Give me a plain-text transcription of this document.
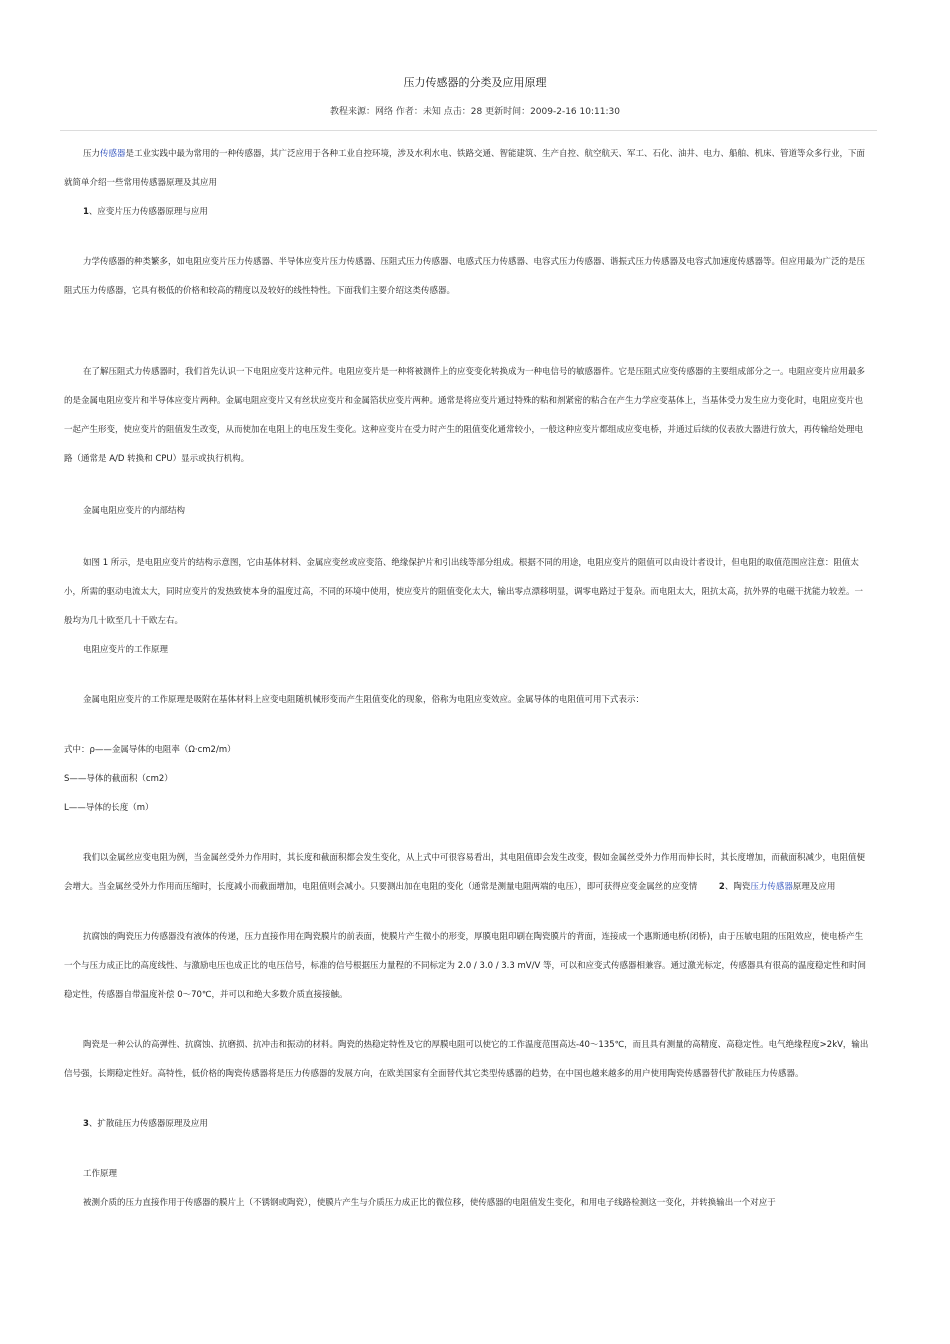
压力传感器的分类及应用原理
教程来源：网络 作者：未知 点击：28 更新时间：2009-2-16 10:11:30

压力传感器是工业实践中最为常用的一种传感器，其广泛应用于各种工业自控环境，涉及水利水电、铁路交通、智能建筑、生产自控、航空航天、军工、石化、油井、电力、船舶、机床、管道等众多行业，下面就简单介绍一些常用传感器原理及其应用

1、应变片压力传感器原理与应用

力学传感器的种类繁多，如电阻应变片压力传感器、半导体应变片压力传感器、压阻式压力传感器、电感式压力传感器、电容式压力传感器、谐振式压力传感器及电容式加速度传感器等。但应用最为广泛的是压阻式压力传感器，它具有极低的价格和较高的精度以及较好的线性特性。下面我们主要介绍这类传感器。

在了解压阻式力传感器时，我们首先认识一下电阻应变片这种元件。电阻应变片是一种将被测件上的应变变化转换成为一种电信号的敏感器件。它是压阻式应变传感器的主要组成部分之一。电阻应变片应用最多的是金属电阻应变片和半导体应变片两种。金属电阻应变片又有丝状应变片和金属箔状应变片两种。通常是将应变片通过特殊的粘和剂紧密的粘合在产生力学应变基体上，当基体受力发生应力变化时，电阻应变片也一起产生形变，使应变片的阻值发生改变，从而使加在电阻上的电压发生变化。这种应变片在受力时产生的阻值变化通常较小，一般这种应变片都组成应变电桥，并通过后续的仪表放大器进行放大，再传输给处理电路（通常是 A/D 转换和 CPU）显示或执行机构。

金属电阻应变片的内部结构

如图 1 所示，是电阻应变片的结构示意图，它由基体材料、金属应变丝或应变箔、绝缘保护片和引出线等部分组成。根据不同的用途，电阻应变片的阻值可以由设计者设计，但电阻的取值范围应注意：阻值太小，所需的驱动电流太大，同时应变片的发热致使本身的温度过高，不同的环境中使用，使应变片的阻值变化太大，输出零点漂移明显，调零电路过于复杂。而电阻太大，阻抗太高，抗外界的电磁干扰能力较差。一般均为几十欧至几十千欧左右。

电阻应变片的工作原理

金属电阻应变片的工作原理是吸附在基体材料上应变电阻随机械形变而产生阻值变化的现象，俗称为电阻应变效应。金属导体的电阻值可用下式表示：

式中：ρ——金属导体的电阻率（Ω·cm2/m）

S——导体的截面积（cm2）

L——导体的长度（m）

我们以金属丝应变电阻为例，当金属丝受外力作用时，其长度和截面积都会发生变化，从上式中可很容易看出，其电阻值即会发生改变，假如金属丝受外力作用而伸长时，其长度增加，而截面积减少，电阻值便会增大。当金属丝受外力作用而压缩时，长度减小而截面增加，电阻值则会减小。只要测出加在电阻的变化（通常是测量电阻两端的电压），即可获得应变金属丝的应变情	2、陶瓷压力传感器原理及应用

抗腐蚀的陶瓷压力传感器没有液体的传递，压力直接作用在陶瓷膜片的前表面，使膜片产生微小的形变，厚膜电阻印刷在陶瓷膜片的背面，连接成一个惠斯通电桥(闭桥)，由于压敏电阻的压阻效应，使电桥产生一个与压力成正比的高度线性、与激励电压也成正比的电压信号，标准的信号根据压力量程的不同标定为 2.0 / 3.0 / 3.3 mV/V 等，可以和应变式传感器相兼容。通过激光标定，传感器具有很高的温度稳定性和时间稳定性，传感器自带温度补偿 0～70℃，并可以和绝大多数介质直接接触。

陶瓷是一种公认的高弹性、抗腐蚀、抗磨损、抗冲击和振动的材料。陶瓷的热稳定特性及它的厚膜电阻可以使它的工作温度范围高达-40～135℃，而且具有测量的高精度、高稳定性。电气绝缘程度>2kV，输出信号强，长期稳定性好。高特性，低价格的陶瓷传感器将是压力传感器的发展方向，在欧美国家有全面替代其它类型传感器的趋势，在中国也越来越多的用户使用陶瓷传感器替代扩散硅压力传感器。

3、扩散硅压力传感器原理及应用

工作原理

被测介质的压力直接作用于传感器的膜片上（不锈钢或陶瓷），使膜片产生与介质压力成正比的微位移，使传感器的电阻值发生变化，和用电子线路检测这一变化，并转换输出一个对应于
